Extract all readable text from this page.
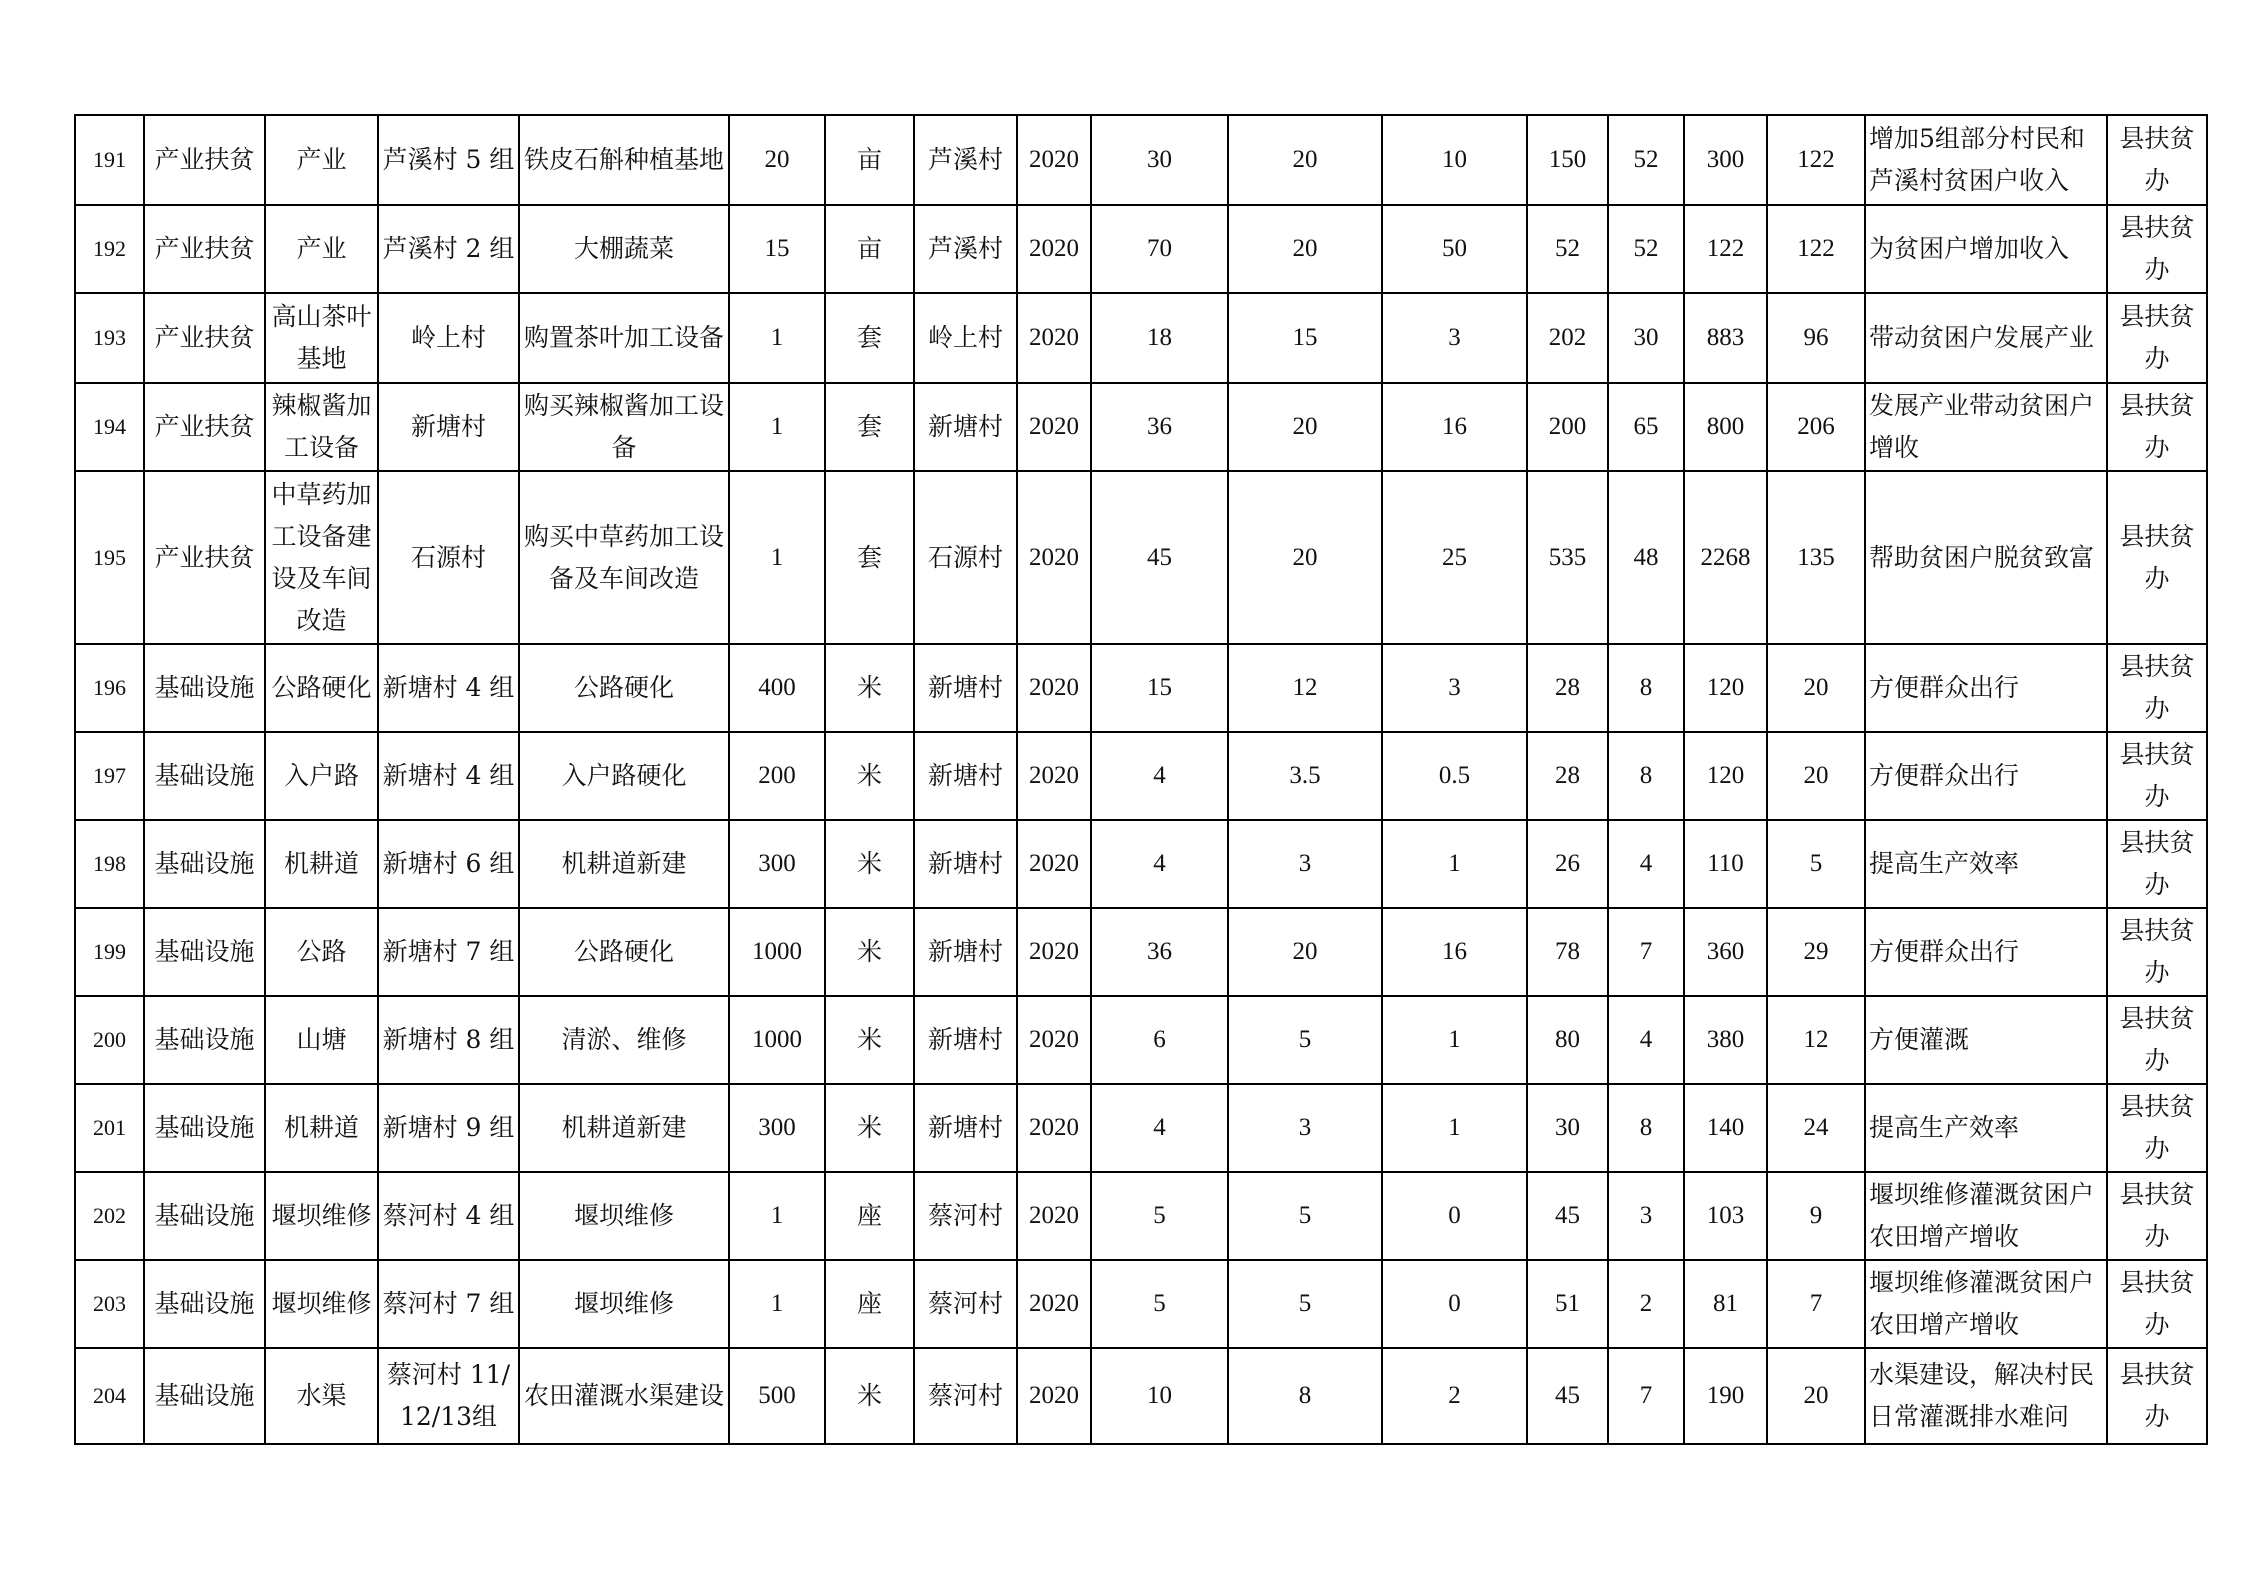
191	产业扶贫	产业	芦溪村 5 组	铁皮石斛种植基地	20	亩	芦溪村	2020	30	20	10	150	52	300	122	增加5组部分村民和芦溪村贫困户收入	县扶贫办
192	产业扶贫	产业	芦溪村 2 组	大棚蔬菜	15	亩	芦溪村	2020	70	20	50	52	52	122	122	为贫困户增加收入	县扶贫办
193	产业扶贫	高山茶叶基地	岭上村	购置茶叶加工设备	1	套	岭上村	2020	18	15	3	202	30	883	96	带动贫困户发展产业	县扶贫办
194	产业扶贫	辣椒酱加工设备	新塘村	购买辣椒酱加工设备	1	套	新塘村	2020	36	20	16	200	65	800	206	发展产业带动贫困户增收	县扶贫办
195	产业扶贫	中草药加工设备建设及车间改造	石源村	购买中草药加工设备及车间改造	1	套	石源村	2020	45	20	25	535	48	2268	135	帮助贫困户脱贫致富	县扶贫办
196	基础设施	公路硬化	新塘村 4 组	公路硬化	400	米	新塘村	2020	15	12	3	28	8	120	20	方便群众出行	县扶贫办
197	基础设施	入户路	新塘村 4 组	入户路硬化	200	米	新塘村	2020	4	3.5	0.5	28	8	120	20	方便群众出行	县扶贫办
198	基础设施	机耕道	新塘村 6 组	机耕道新建	300	米	新塘村	2020	4	3	1	26	4	110	5	提高生产效率	县扶贫办
199	基础设施	公路	新塘村 7 组	公路硬化	1000	米	新塘村	2020	36	20	16	78	7	360	29	方便群众出行	县扶贫办
200	基础设施	山塘	新塘村 8 组	清淤、维修	1000	米	新塘村	2020	6	5	1	80	4	380	12	方便灌溉	县扶贫办
201	基础设施	机耕道	新塘村 9 组	机耕道新建	300	米	新塘村	2020	4	3	1	30	8	140	24	提高生产效率	县扶贫办
202	基础设施	堰坝维修	蔡河村 4 组	堰坝维修	1	座	蔡河村	2020	5	5	0	45	3	103	9	堰坝维修灌溉贫困户农田增产增收	县扶贫办
203	基础设施	堰坝维修	蔡河村 7 组	堰坝维修	1	座	蔡河村	2020	5	5	0	51	2	81	7	堰坝维修灌溉贫困户农田增产增收	县扶贫办
204	基础设施	水渠	蔡河村 11/12/13组	农田灌溉水渠建设	500	米	蔡河村	2020	10	8	2	45	7	190	20	水渠建设，解决村民日常灌溉排水难问	县扶贫办
